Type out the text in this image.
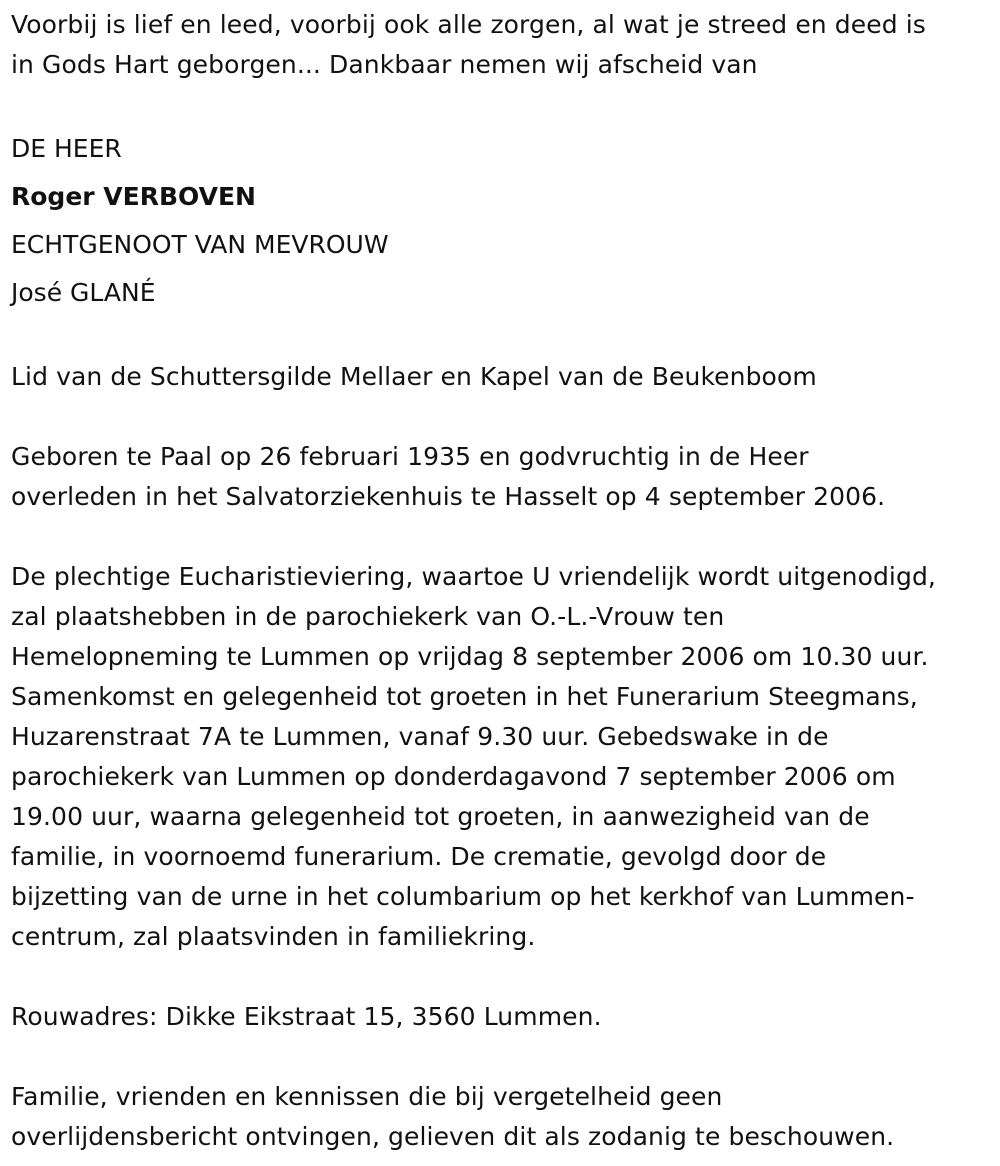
Voorbij is lief en leed, voorbij ook alle zorgen, al wat je streed en deed is
in Gods Hart geborgen... Dankbaar nemen wij afscheid van

DE HEER
Roger VERBOVEN
ECHTGENOOT VAN MEVROUW
José GLANÉ

Lid van de Schuttersgilde Mellaer en Kapel van de Beukenboom

Geboren te Paal op 26 februari 1935 en godvruchtig in de Heer
overleden in het Salvatorziekenhuis te Hasselt op 4 september 2006.

De plechtige Eucharistieviering, waartoe U vriendelijk wordt uitgenodigd,
zal plaatshebben in de parochiekerk van O.-L.-Vrouw ten
Hemelopneming te Lummen op vrijdag 8 september 2006 om 10.30 uur.
Samenkomst en gelegenheid tot groeten in het Funerarium Steegmans,
Huzarenstraat 7A te Lummen, vanaf 9.30 uur. Gebedswake in de
parochiekerk van Lummen op donderdagavond 7 september 2006 om
19.00 uur, waarna gelegenheid tot groeten, in aanwezigheid van de
familie, in voornoemd funerarium. De crematie, gevolgd door de
bijzetting van de urne in het columbarium op het kerkhof van Lummen-
centrum, zal plaatsvinden in familiekring.

Rouwadres: Dikke Eikstraat 15, 3560 Lummen.

Familie, vrienden en kennissen die bij vergetelheid geen
overlijdensbericht ontvingen, gelieven dit als zodanig te beschouwen.
